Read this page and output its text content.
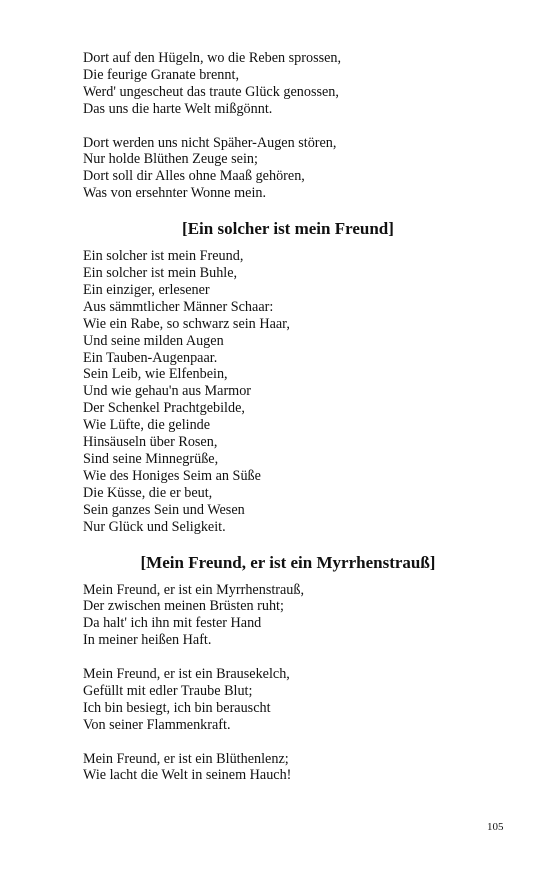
Dort auf den Hügeln, wo die Reben sprossen,
Die feurige Granate brennt,
Werd' ungescheut das traute Glück genossen,
Das uns die harte Welt mißgönnt.
Dort werden uns nicht Späher-Augen stören,
Nur holde Blüthen Zeuge sein;
Dort soll dir Alles ohne Maaß gehören,
Was von ersehnter Wonne mein.
[Ein solcher ist mein Freund]
Ein solcher ist mein Freund,
Ein solcher ist mein Buhle,
Ein einziger, erlesener
Aus sämmtlicher Männer Schaar:
Wie ein Rabe, so schwarz sein Haar,
Und seine milden Augen
Ein Tauben-Augenpaar.
Sein Leib, wie Elfenbein,
Und wie gehau'n aus Marmor
Der Schenkel Prachtgebilde,
Wie Lüfte, die gelinde
Hinsäuseln über Rosen,
Sind seine Minnegrüße,
Wie des Honiges Seim an Süße
Die Küsse, die er beut,
Sein ganzes Sein und Wesen
Nur Glück und Seligkeit.
[Mein Freund, er ist ein Myrrhenstrauß]
Mein Freund, er ist ein Myrrhenstrauß,
Der zwischen meinen Brüsten ruht;
Da halt' ich ihn mit fester Hand
In meiner heißen Haft.
Mein Freund, er ist ein Brausekelch,
Gefüllt mit edler Traube Blut;
Ich bin besiegt, ich bin berauscht
Von seiner Flammenkraft.
Mein Freund, er ist ein Blüthenlenz;
Wie lacht die Welt in seinem Hauch!
105
